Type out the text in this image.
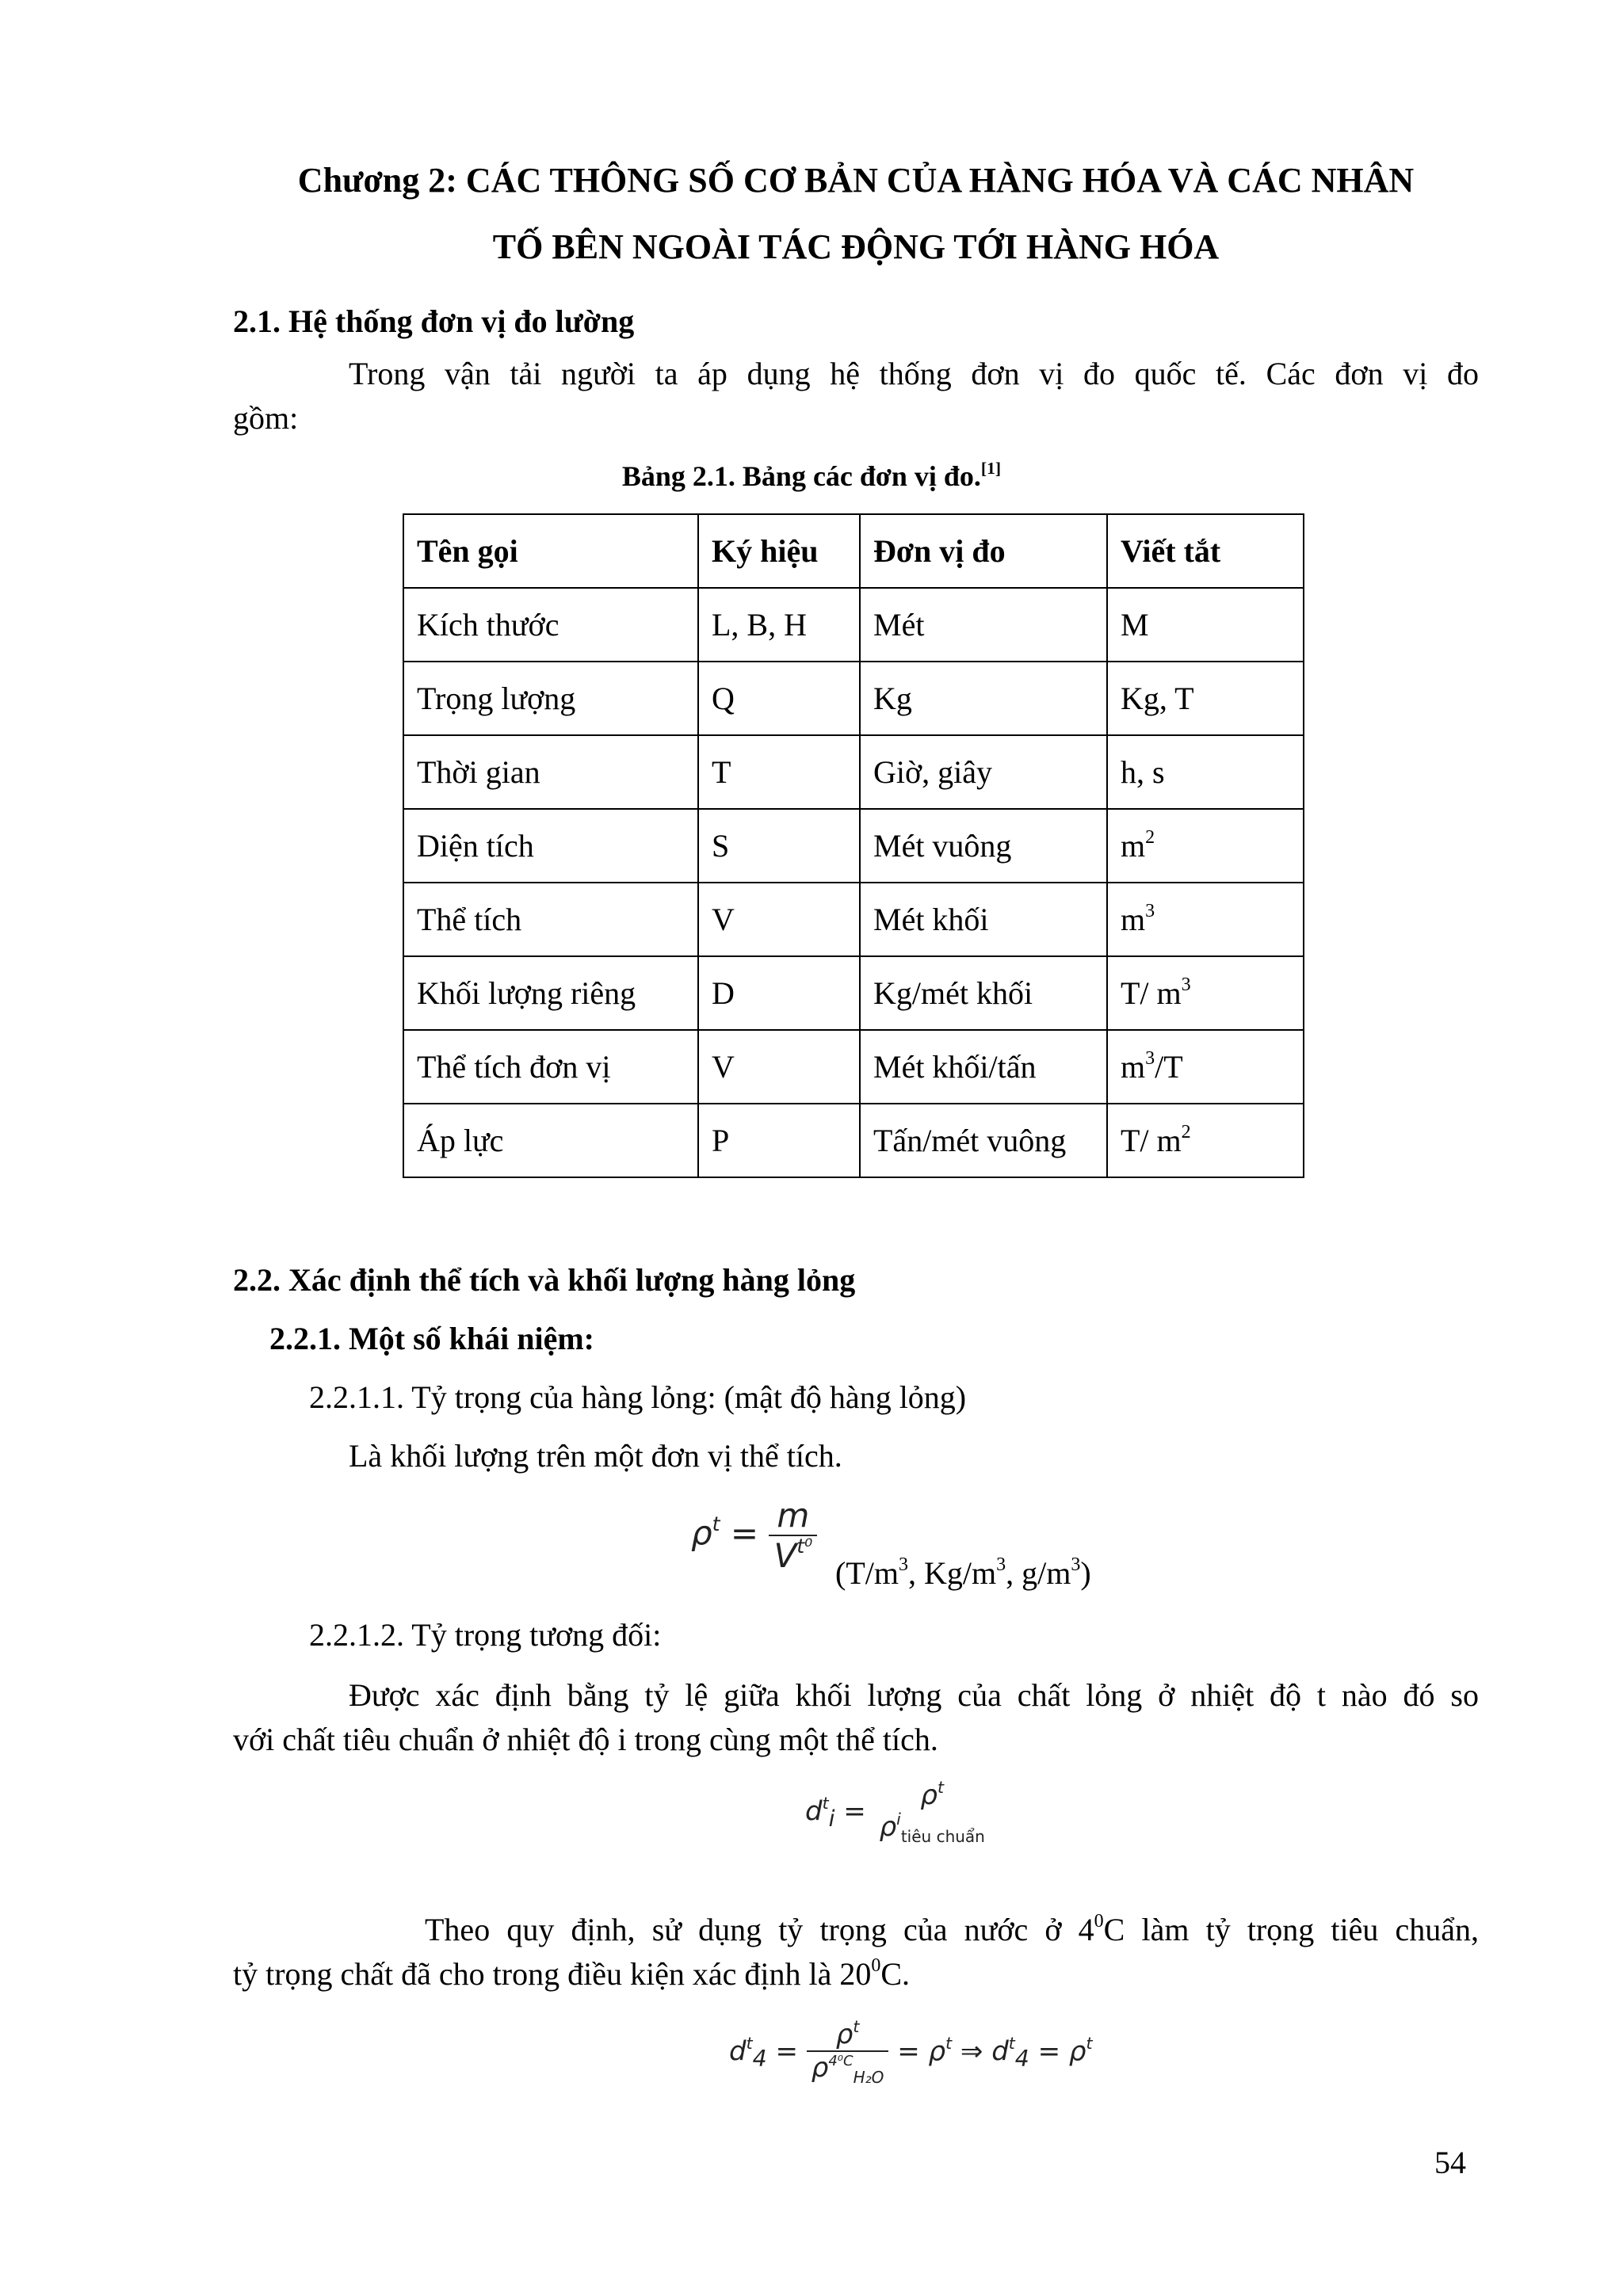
Chương 2: CÁC THÔNG SỐ CƠ BẢN CỦA HÀNG HÓA VÀ CÁC NHÂN
TỐ BÊN NGOÀI TÁC ĐỘNG TỚI HÀNG HÓA
2.1. Hệ thống đơn vị đo lường
Trong vận tải người ta áp dụng hệ thống đơn vị đo quốc tế. Các đơn vị đo
gồm:
Bảng 2.1. Bảng các đơn vị đo.[1]
Tên gọi	Ký hiệu	Đơn vị đo	Viết tắt
Kích thước	L, B, H	Mét	M
Trọng lượng	Q	Kg	Kg, T
Thời gian	T	Giờ, giây	h, s
Diện tích	S	Mét vuông	$m^2$
Thể tích	V	Mét khối	$m^3$
Khối lượng riêng	D	Kg/mét khối	T/ $m^3$
Thể tích đơn vị	V	Mét khối/tấn	$m^3/T$
Áp lực	P	Tấn/mét vuông	T/ $m^2$
2.2. Xác định thể tích và khối lượng hàng lỏng
2.2.1. Một số khái niệm:
2.2.1.1. Tỷ trọng của hàng lỏng: (mật độ hàng lỏng)
Là khối lượng trên một đơn vị thể tích.
$\rho^t = \frac{m}{V^{t^0}} (T/m^3$, $Kg/m^3$, $g/m^3$)
2.2.1.2. Tỷ trọng tương đối:
Được xác định bằng tỷ lệ giữa khối lượng của chất lỏng ở nhiệt độ t nào đó so
với chất tiêu chuẩn ở nhiệt độ i trong cùng một thể tích.
$d^t_i$ =
$\rho^t$
$\rho^i_{tiêu chuẩn}$
Theo quy định, sử dụng tỷ trọng của nước ở $4^0C$ làm tỷ trọng tiêu chuẩn,
tỷ trọng chất đã cho trong điều kiện xác định là $20^0C$.
$d^t_4 = \frac{\rho^t}{\rho^{4^0C}_{H_2O}} = \rho^t$ ⇒ $d^t_4 = \rho^t$
54
